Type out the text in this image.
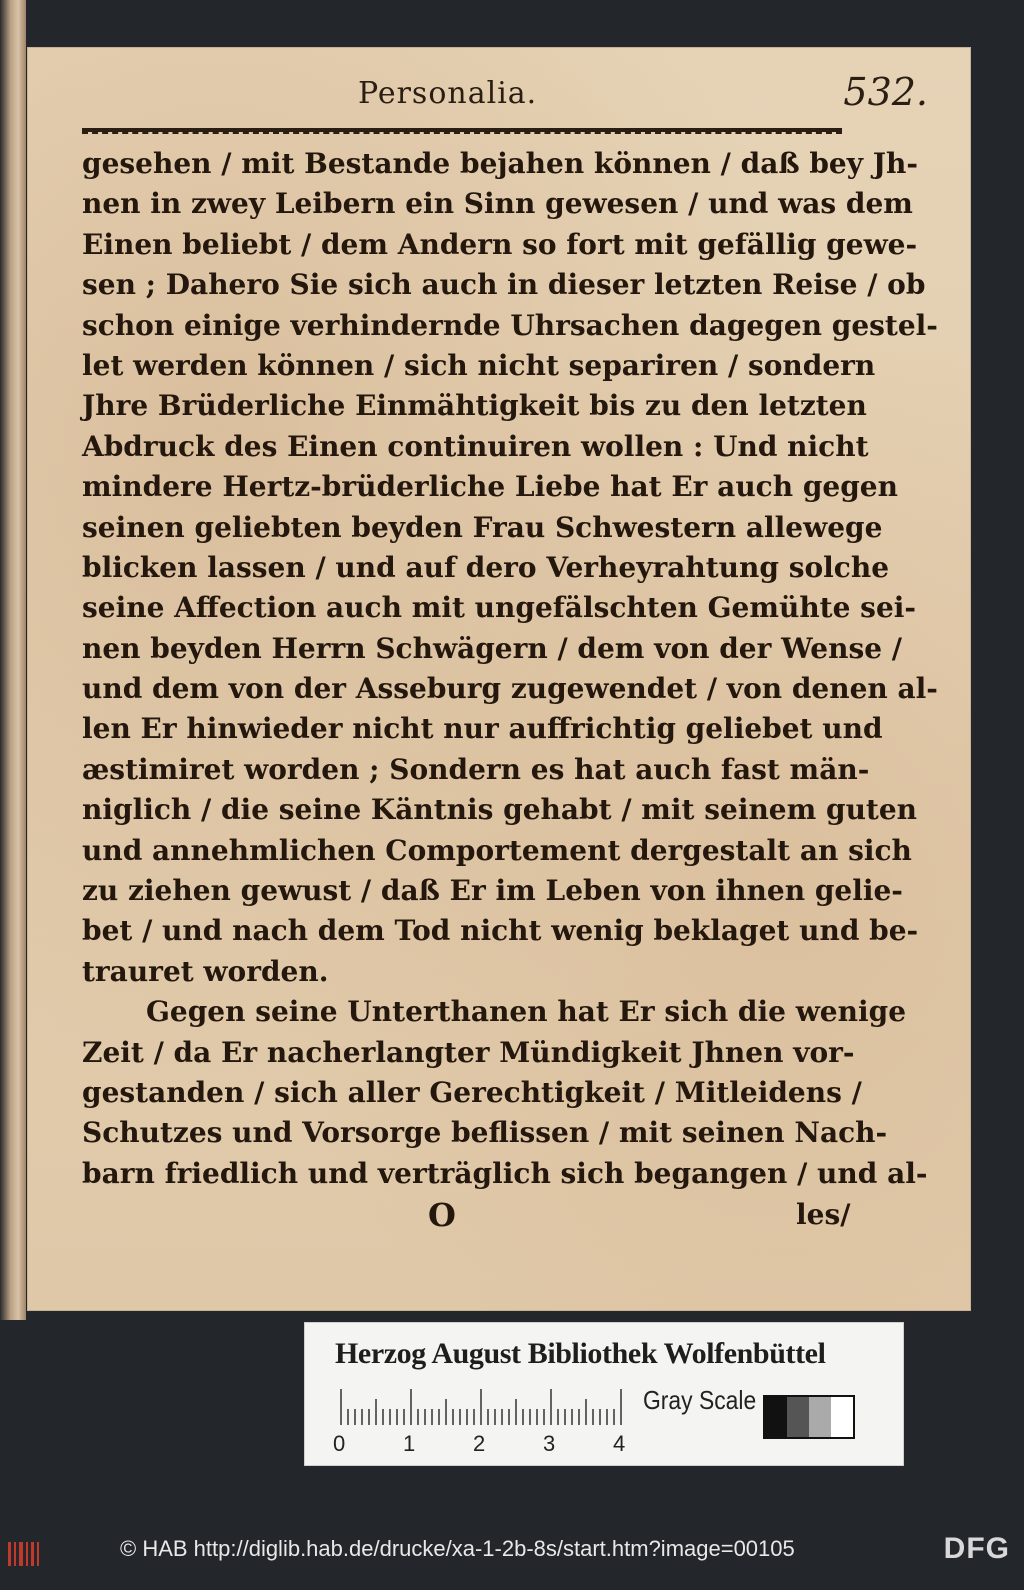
Personalia.	532.
gesehen / mit Bestande bejahen können / daß bey Jh-
nen in zwey Leibern ein Sinn gewesen / und was dem
Einen beliebt / dem Andern so fort mit gefällig gewe-
sen ; Dahero Sie sich auch in dieser letzten Reise / ob
schon einige verhindernde Uhrsachen dagegen gestel-
let werden können / sich nicht separiren / sondern
Jhre Brüderliche Einmähtigkeit bis zu den letzten
Abdruck des Einen continuiren wollen : Und nicht
mindere Hertz-brüderliche Liebe hat Er auch gegen
seinen geliebten beyden Frau Schwestern allewege
blicken lassen / und auf dero Verheyrahtung solche
seine Affection auch mit ungefälschten Gemühte sei-
nen beyden Herrn Schwägern / dem von der Wense /
und dem von der Asseburg zugewendet / von denen al-
len Er hinwieder nicht nur auffrichtig geliebet und
æstimiret worden ; Sondern es hat auch fast män-
niglich / die seine Käntnis gehabt / mit seinem guten
und annehmlichen Comportement dergestalt an sich
zu ziehen gewust / daß Er im Leben von ihnen gelie-
bet / und nach dem Tod nicht wenig beklaget und be-
trauret worden.
Gegen seine Unterthanen hat Er sich die wenige
Zeit / da Er nacherlangter Mündigkeit Jhnen vor-
gestanden / sich aller Gerechtigkeit / Mitleidens /
Schutzes und Vorsorge beflissen / mit seinen Nach-
barn friedlich und verträglich sich begangen / und al-
O	les/
Herzog August Bibliothek Wolfenbüttel
0	1	2	3	4
Gray Scale
© HAB http://diglib.hab.de/drucke/xa-1-2b-8s/start.htm?image=00105	DFG
